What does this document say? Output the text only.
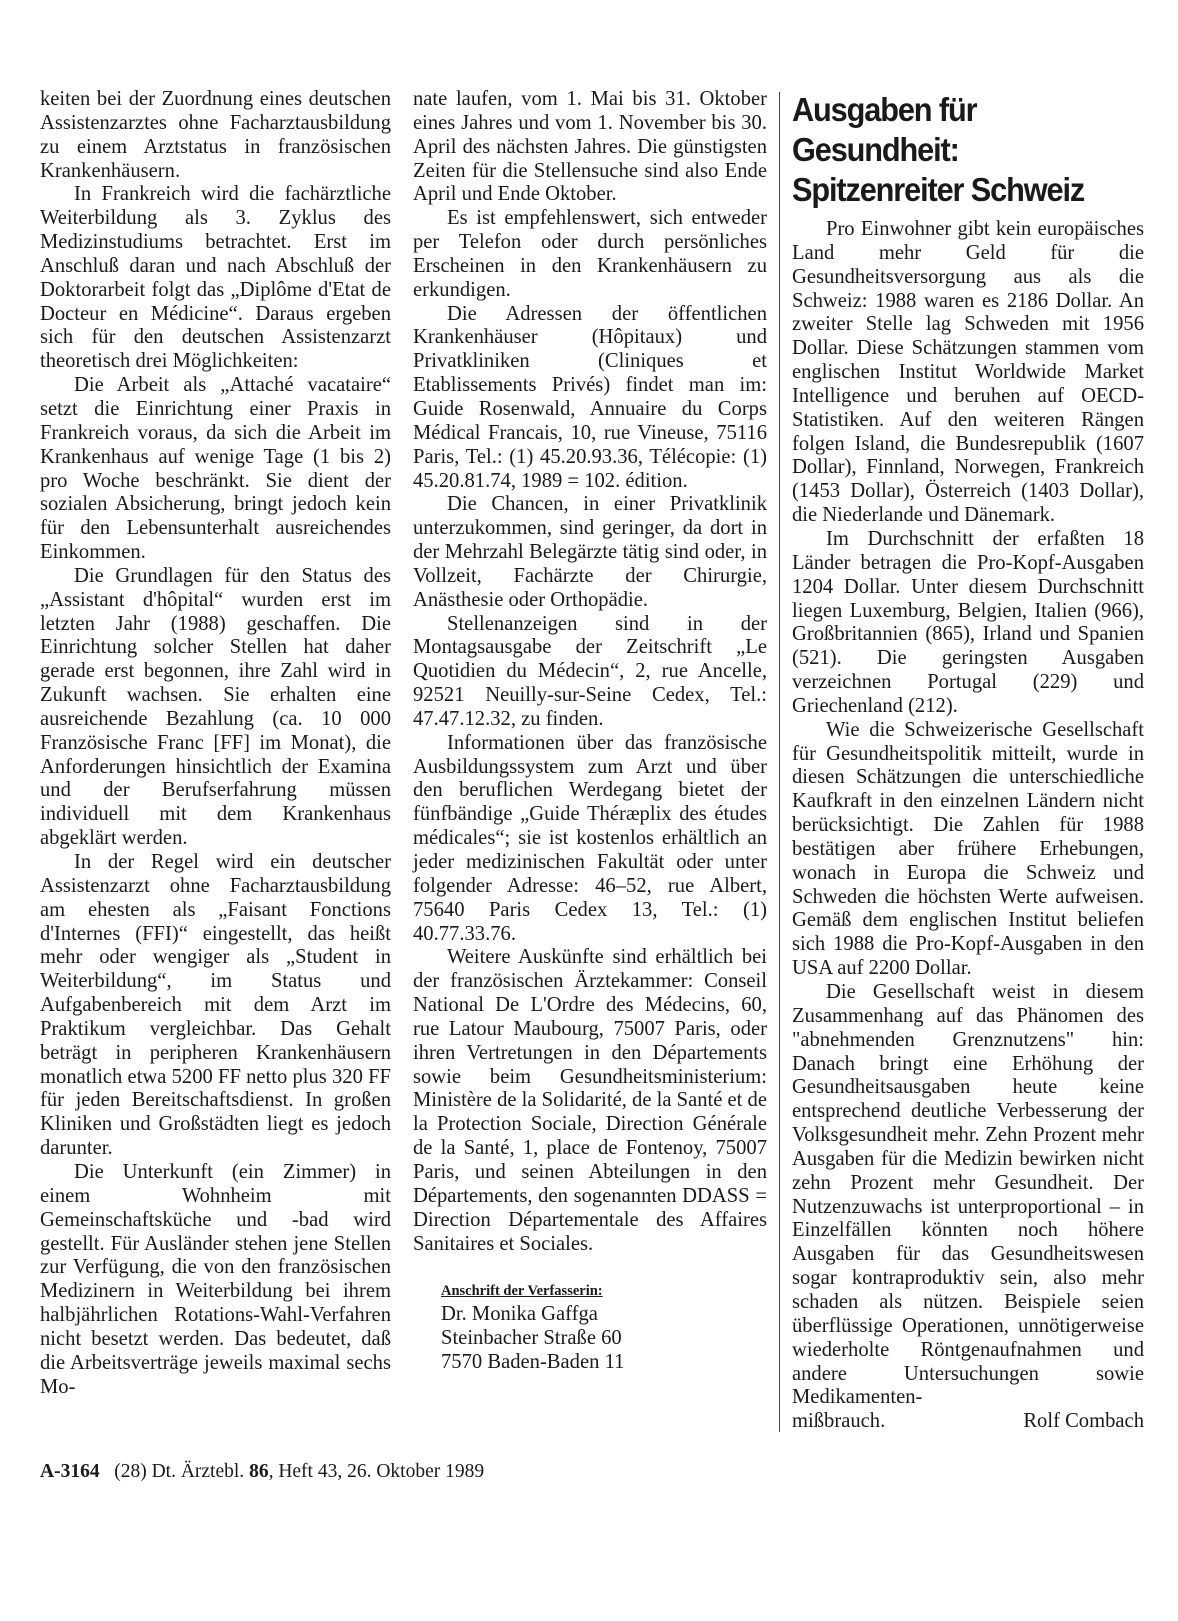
keiten bei der Zuordnung eines deutschen Assistenzarztes ohne Facharztausbildung zu einem Arztstatus in französischen Krankenhäusern.

In Frankreich wird die fachärztliche Weiterbildung als 3. Zyklus des Medizinstudiums betrachtet. Erst im Anschluß daran und nach Abschluß der Doktorarbeit folgt das „Diplôme d'Etat de Docteur en Médicine“. Daraus ergeben sich für den deutschen Assistenzarzt theoretisch drei Möglichkeiten:

Die Arbeit als „Attaché vacataire“ setzt die Einrichtung einer Praxis in Frankreich voraus, da sich die Arbeit im Krankenhaus auf wenige Tage (1 bis 2) pro Woche beschränkt. Sie dient der sozialen Absicherung, bringt jedoch kein für den Lebensunterhalt ausreichendes Einkommen.

Die Grundlagen für den Status des „Assistant d'hôpital“ wurden erst im letzten Jahr (1988) geschaffen. Die Einrichtung solcher Stellen hat daher gerade erst begonnen, ihre Zahl wird in Zukunft wachsen. Sie erhalten eine ausreichende Bezahlung (ca. 10 000 Französische Franc [FF] im Monat), die Anforderungen hinsichtlich der Examina und der Berufserfahrung müssen individuell mit dem Krankenhaus abgeklärt werden.

In der Regel wird ein deutscher Assistenzarzt ohne Facharztausbildung am ehesten als „Faisant Fonctions d'Internes (FFI)“ eingestellt, das heißt mehr oder wengiger als „Student in Weiterbildung“, im Status und Aufgabenbereich mit dem Arzt im Praktikum vergleichbar. Das Gehalt beträgt in peripheren Krankenhäusern monatlich etwa 5200 FF netto plus 320 FF für jeden Bereitschaftsdienst. In großen Kliniken und Großstädten liegt es jedoch darunter.

Die Unterkunft (ein Zimmer) in einem Wohnheim mit Gemeinschaftsküche und -bad wird gestellt. Für Ausländer stehen jene Stellen zur Verfügung, die von den französischen Medizinern in Weiterbildung bei ihrem halbjährlichen Rotations-Wahl-Verfahren nicht besetzt werden. Das bedeutet, daß die Arbeitsverträge jeweils maximal sechs Mo-

nate laufen, vom 1. Mai bis 31. Oktober eines Jahres und vom 1. November bis 30. April des nächsten Jahres. Die günstigsten Zeiten für die Stellensuche sind also Ende April und Ende Oktober.

Es ist empfehlenswert, sich entweder per Telefon oder durch persönliches Erscheinen in den Krankenhäusern zu erkundigen.

Die Adressen der öffentlichen Krankenhäuser (Hôpitaux) und Privatkliniken (Cliniques et Etablissements Privés) findet man im: Guide Rosenwald, Annuaire du Corps Médical Francais, 10, rue Vineuse, 75116 Paris, Tel.: (1) 45.20.93.36, Télécopie: (1) 45.20.81.74, 1989 = 102. édition.

Die Chancen, in einer Privatklinik unterzukommen, sind geringer, da dort in der Mehrzahl Belegärzte tätig sind oder, in Vollzeit, Fachärzte der Chirurgie, Anästhesie oder Orthopädie.

Stellenanzeigen sind in der Montagsausgabe der Zeitschrift „Le Quotidien du Médecin“, 2, rue Ancelle, 92521 Neuilly-sur-Seine Cedex, Tel.: 47.47.12.32, zu finden.

Informationen über das französische Ausbildungssystem zum Arzt und über den beruflichen Werdegang bietet der fünfbändige „Guide Théræplix des études médicales“; sie ist kostenlos erhältlich an jeder medizinischen Fakultät oder unter folgender Adresse: 46–52, rue Albert, 75640 Paris Cedex 13, Tel.: (1) 40.77.33.76.

Weitere Auskünfte sind erhältlich bei der französischen Ärztekammer: Conseil National De L'Ordre des Médecins, 60, rue Latour Maubourg, 75007 Paris, oder ihren Vertretungen in den Départements sowie beim Gesundheitsministerium: Ministère de la Solidarité, de la Santé et de la Protection Sociale, Direction Générale de la Santé, 1, place de Fontenoy, 75007 Paris, und seinen Abteilungen in den Départements, den sogenannten DDASS = Direction Départementale des Affaires Sanitaires et Sociales.

Anschrift der Verfasserin:
Dr. Monika Gaffga
Steinbacher Straße 60
7570 Baden-Baden 11
Ausgaben für Gesundheit:
Spitzenreiter Schweiz

Pro Einwohner gibt kein europäisches Land mehr Geld für die Gesundheitsversorgung aus als die Schweiz: 1988 waren es 2186 Dollar. An zweiter Stelle lag Schweden mit 1956 Dollar. Diese Schätzungen stammen vom englischen Institut Worldwide Market Intelligence und beruhen auf OECD-Statistiken. Auf den weiteren Rängen folgen Island, die Bundesrepublik (1607 Dollar), Finnland, Norwegen, Frankreich (1453 Dollar), Österreich (1403 Dollar), die Niederlande und Dänemark.

Im Durchschnitt der erfaßten 18 Länder betragen die Pro-Kopf-Ausgaben 1204 Dollar. Unter diesem Durchschnitt liegen Luxemburg, Belgien, Italien (966), Großbritannien (865), Irland und Spanien (521). Die geringsten Ausgaben verzeichnen Portugal (229) und Griechenland (212).

Wie die Schweizerische Gesellschaft für Gesundheitspolitik mitteilt, wurde in diesen Schätzungen die unterschiedliche Kaufkraft in den einzelnen Ländern nicht berücksichtigt. Die Zahlen für 1988 bestätigen aber frühere Erhebungen, wonach in Europa die Schweiz und Schweden die höchsten Werte aufweisen. Gemäß dem englischen Institut beliefen sich 1988 die Pro-Kopf-Ausgaben in den USA auf 2200 Dollar.

Die Gesellschaft weist in diesem Zusammenhang auf das Phänomen des "abnehmenden Grenznutzens" hin: Danach bringt eine Erhöhung der Gesundheitsausgaben heute keine entsprechend deutliche Verbesserung der Volksgesundheit mehr. Zehn Prozent mehr Ausgaben für die Medizin bewirken nicht zehn Prozent mehr Gesundheit. Der Nutzenzuwachs ist unterproportional – in Einzelfällen könnten noch höhere Ausgaben für das Gesundheitswesen sogar kontraproduktiv sein, also mehr schaden als nützen. Beispiele seien überflüssige Operationen, unnötigerweise wiederholte Röntgenaufnahmen und andere Untersuchungen sowie Medikamenten-

mißbrauch.	Rolf Combach
A-3164 (28) Dt. Ärztebl. 86, Heft 43, 26. Oktober 1989
